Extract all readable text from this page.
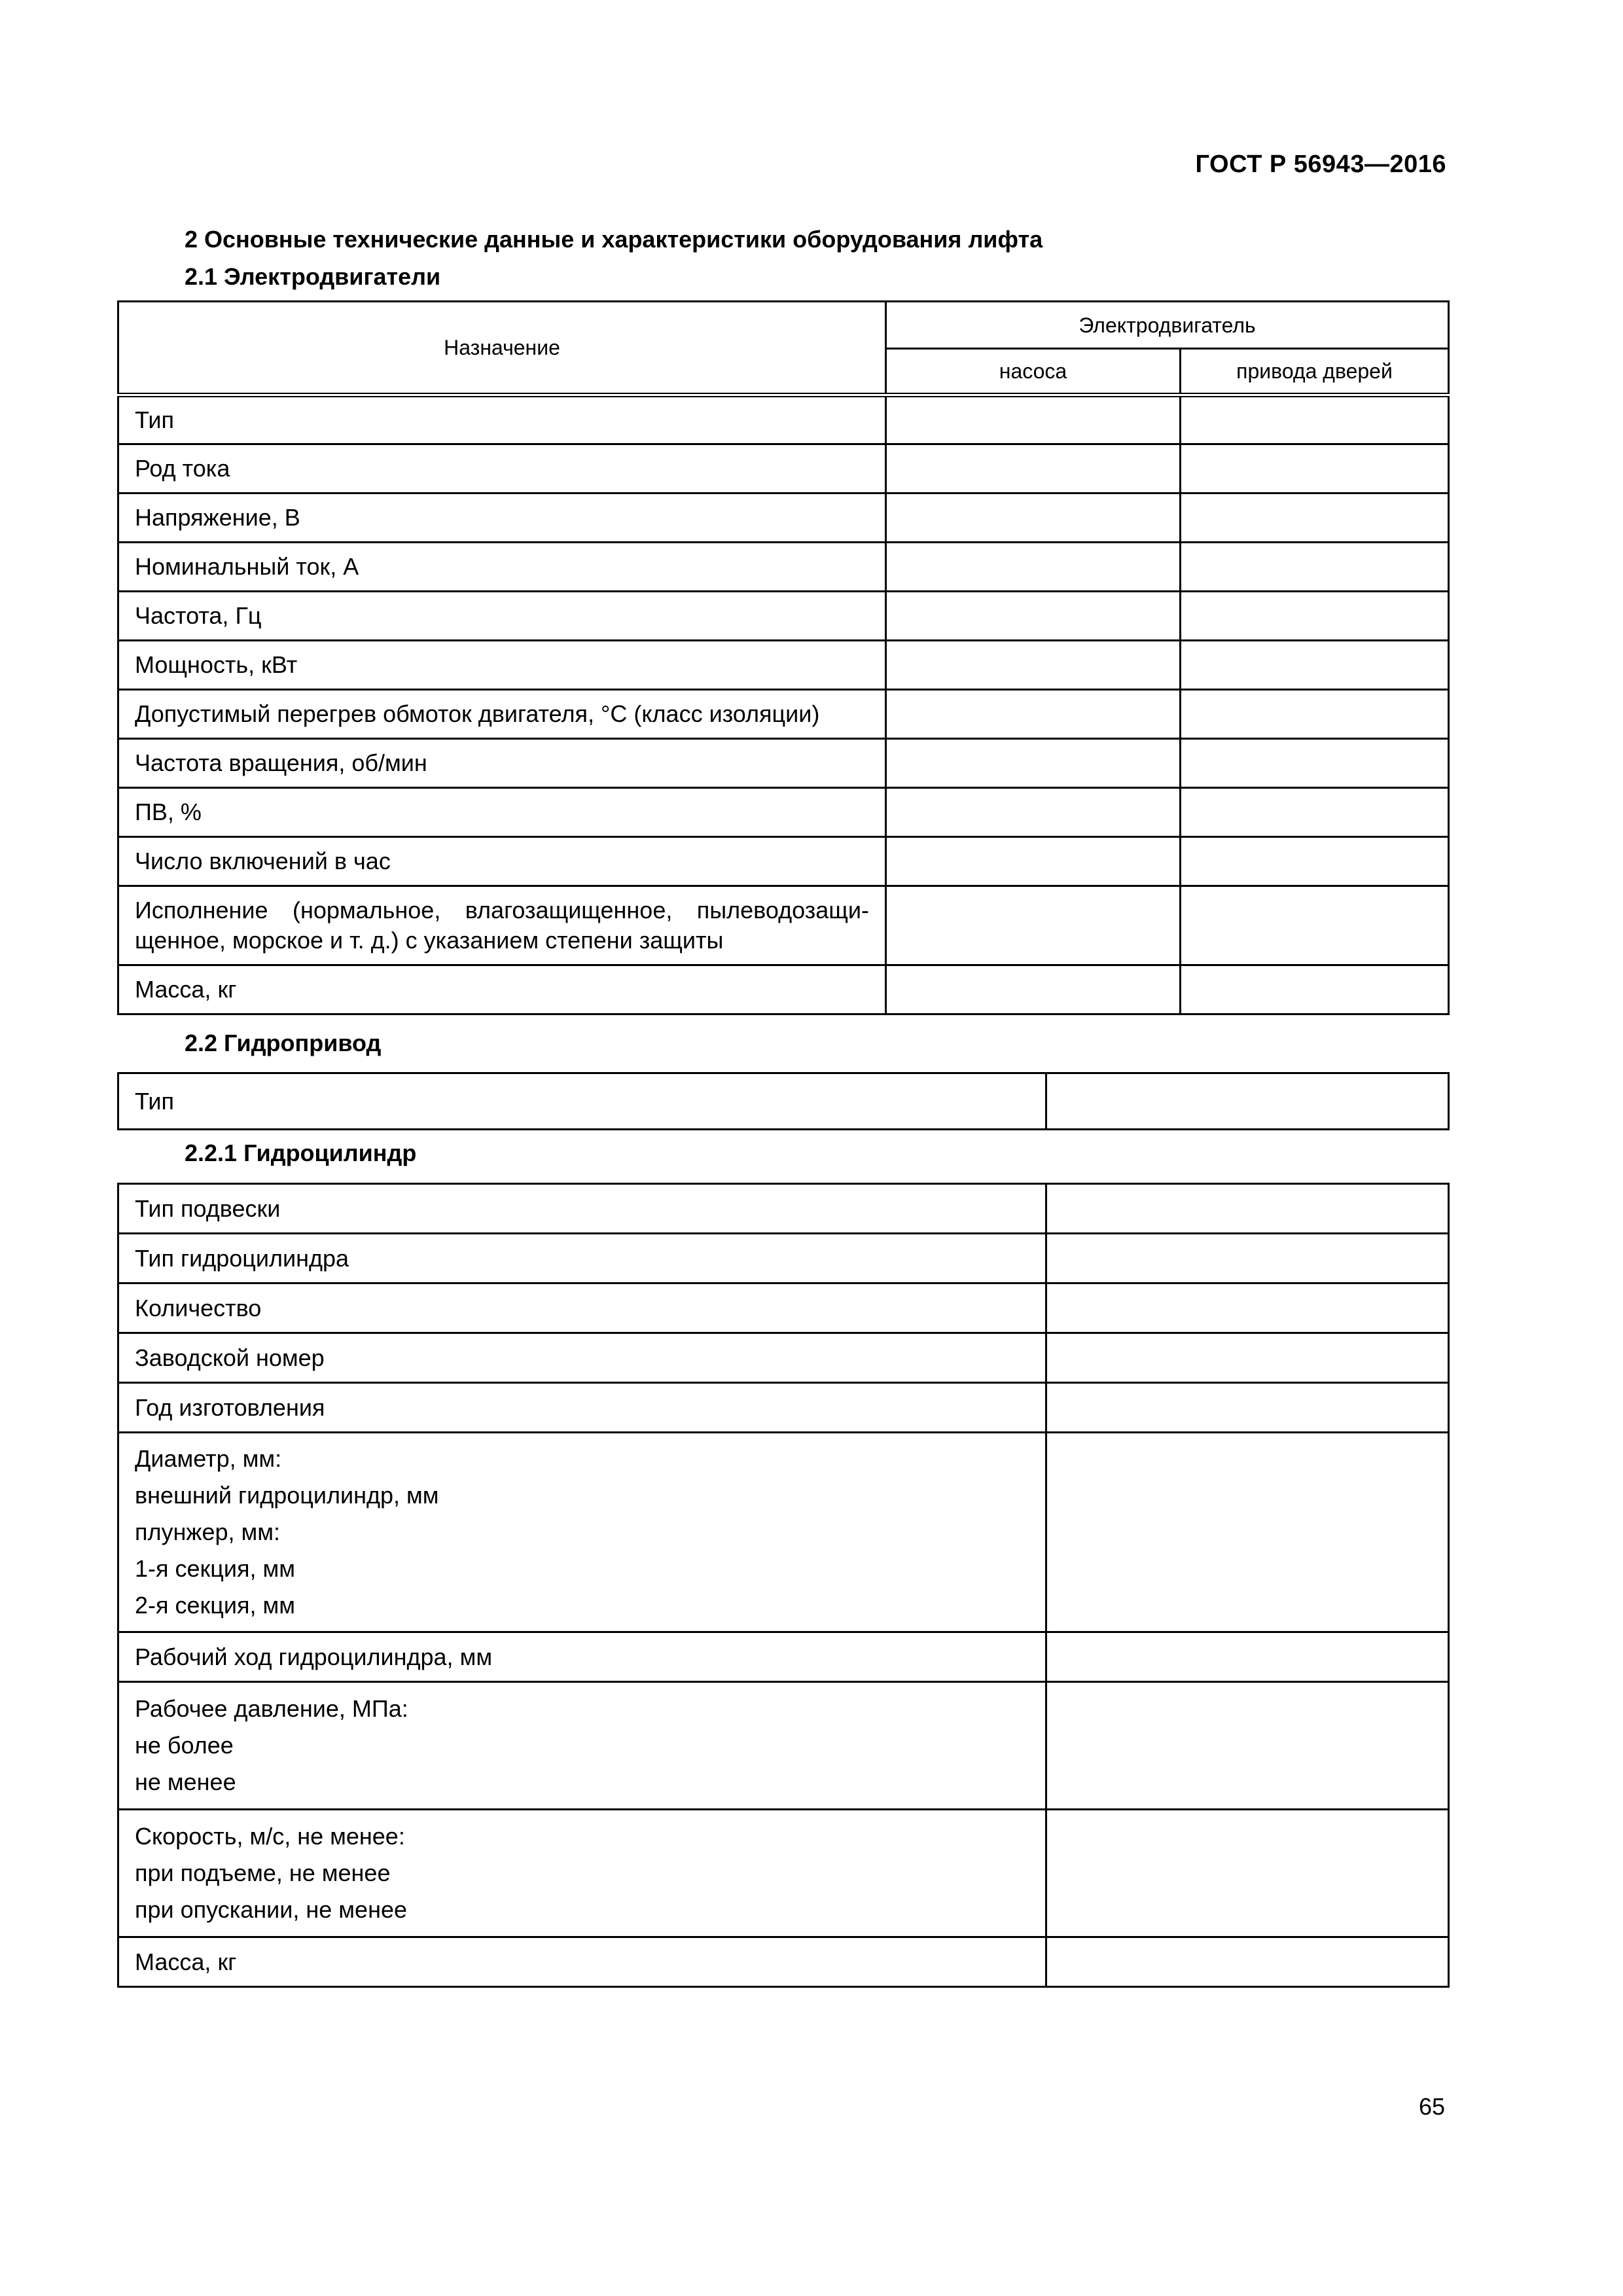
ГОСТ Р 56943—2016
2 Основные технические данные и характеристики оборудования лифта
2.1 Электродвигатели
Назначение	Электродвигатель	
	насоса	привода дверей
Тип		
Род тока		
Напряжение, В		
Номинальный ток, А		
Частота, Гц		
Мощность, кВт		
Допустимый перегрев обмоток двигателя, °С (класс изоляции)		
Частота вращения, об/мин		
ПВ, %		
Число включений в час		
Исполнение (нормальное, влагозащищенное, пылеводозащи-щенное, морское и т. д.) с указанием степени защиты		
Масса, кг		
2.2 Гидропривод
Тип	
2.2.1 Гидроцилиндр
Тип подвески	
Тип гидроцилиндра	
Количество	
Заводской номер	
Год изготовления	

Диаметр, мм:
внешний гидроцилиндр, мм
плунжер, мм:
1-я секция, мм
2-я секция, мм	

Рабочий ход гидроцилиндра, мм	

Рабочее давление, МПа:
не более
не менее	

Скорость, м/с, не менее:
при подъеме, не менее
при опускании, не менее	

Масса, кг	
65
